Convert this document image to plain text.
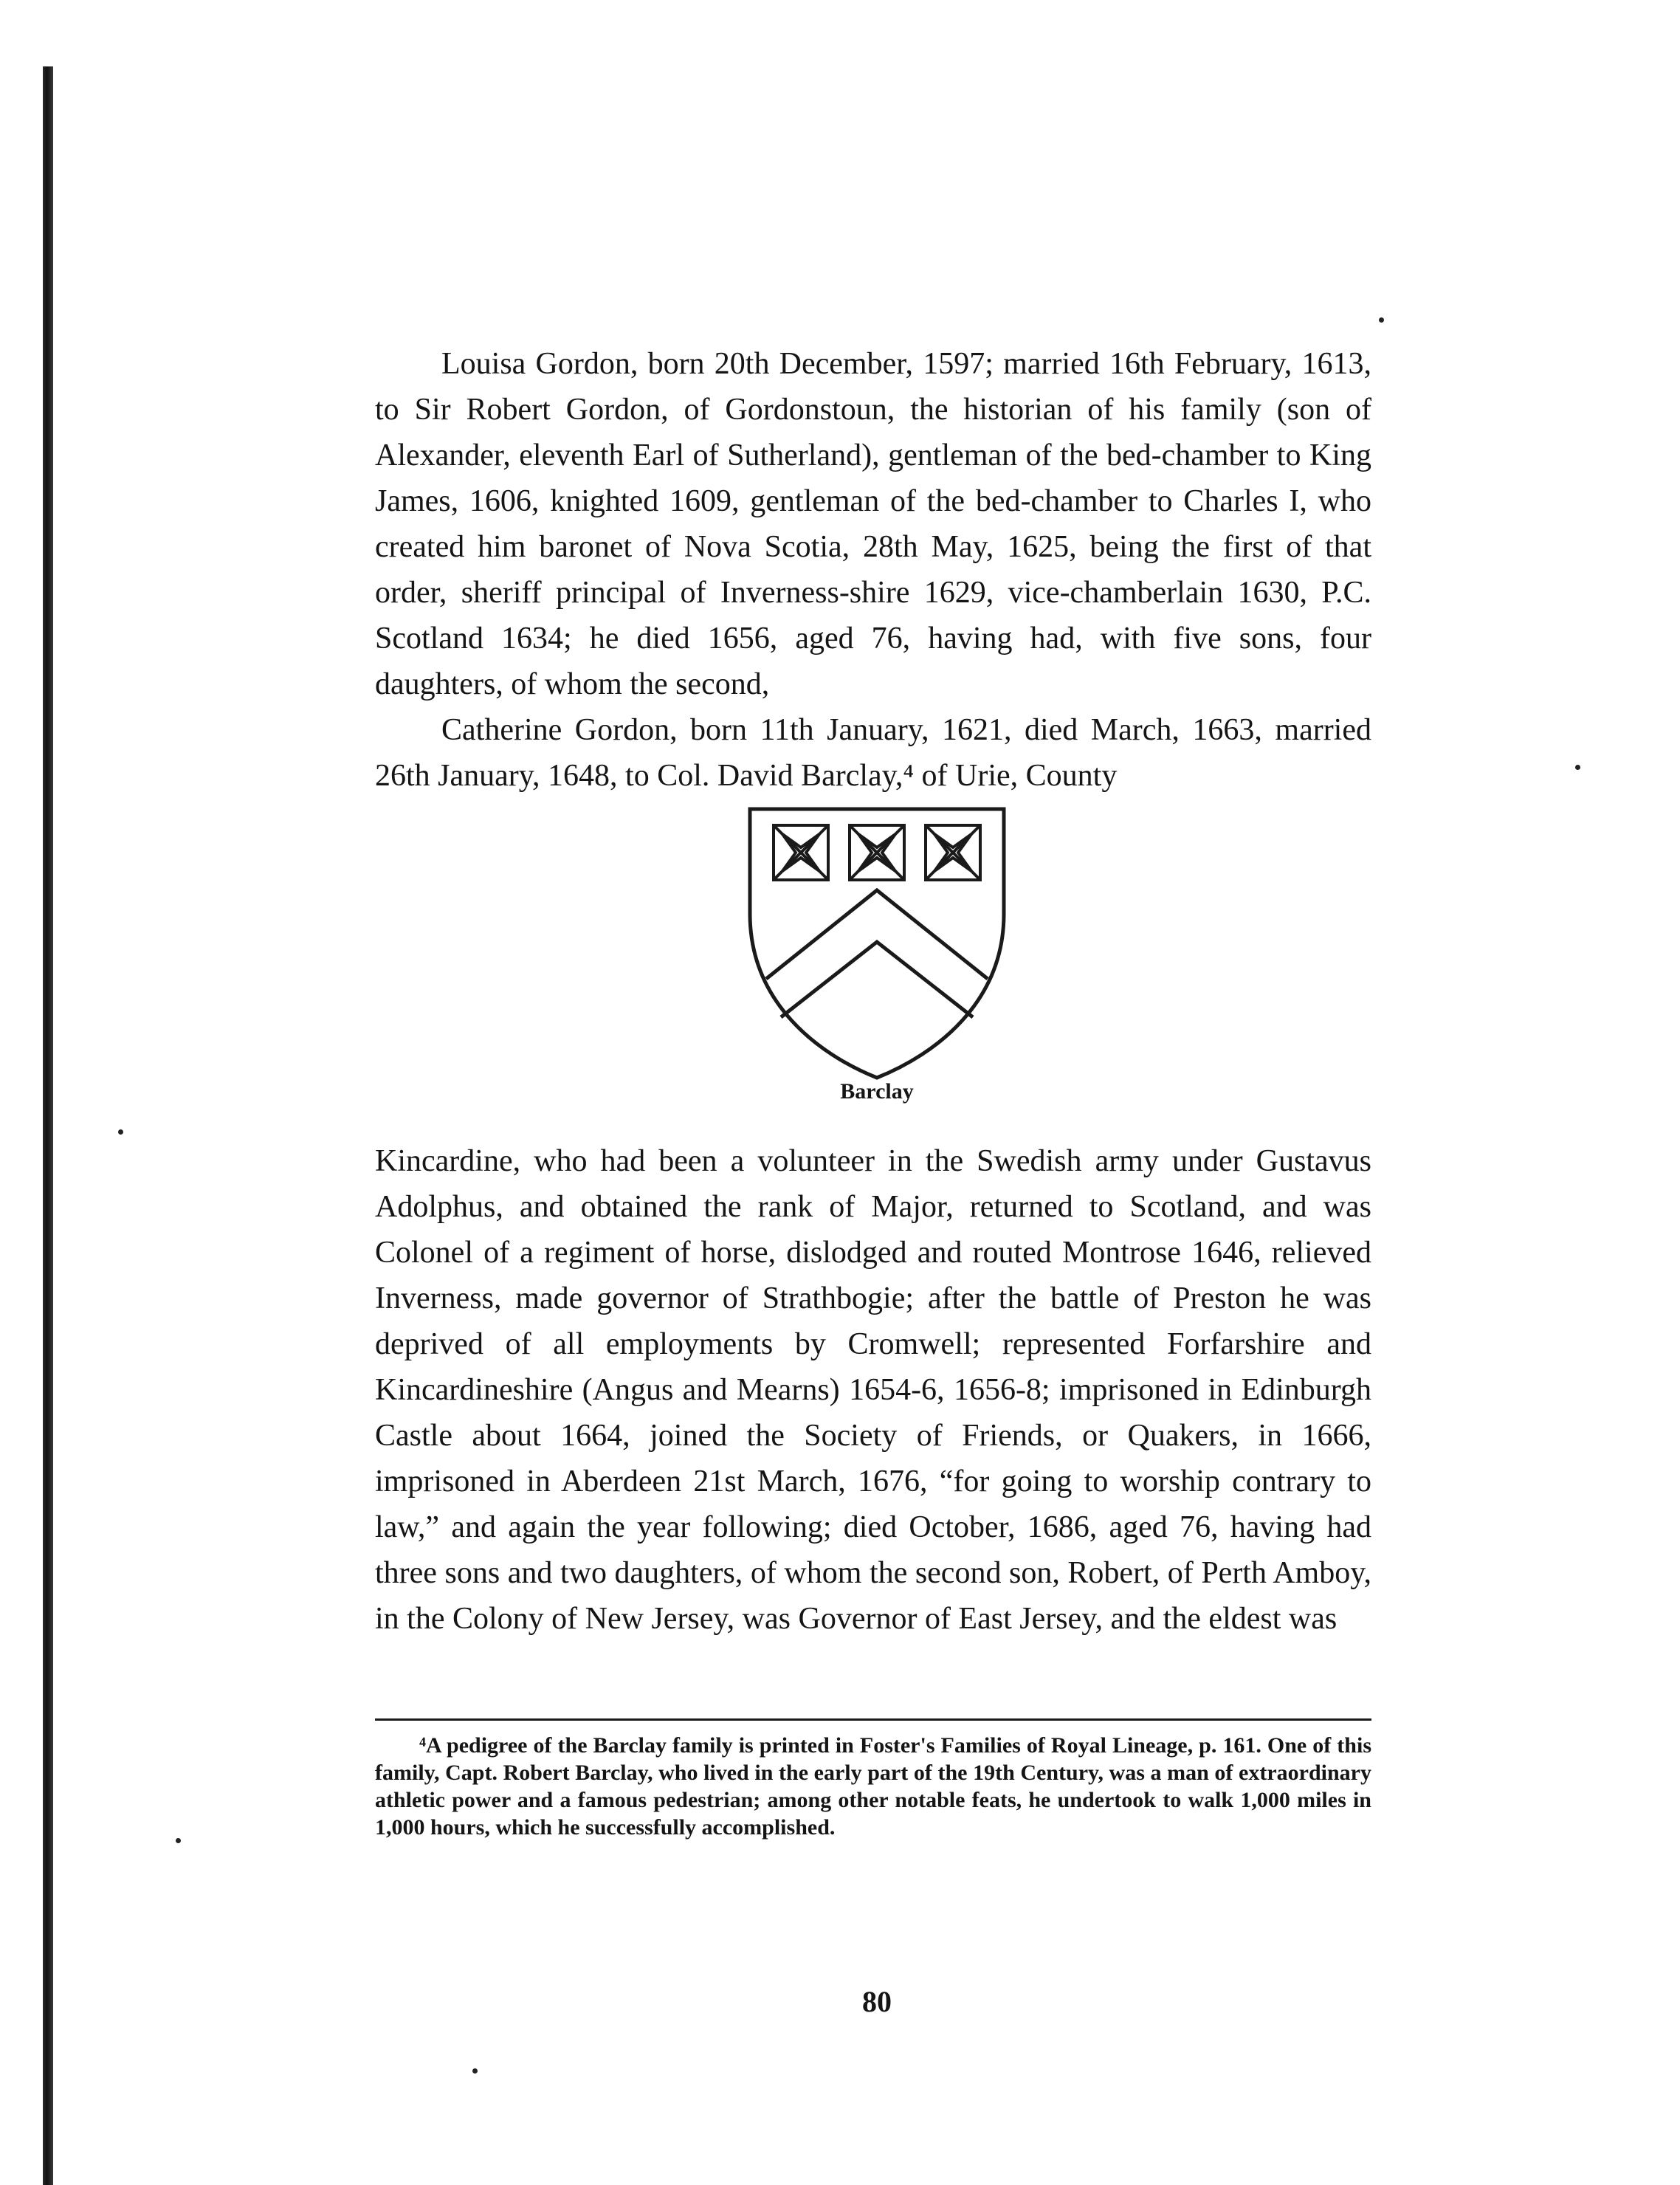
Louisa Gordon, born 20th December, 1597; married 16th February, 1613, to Sir Robert Gordon, of Gordonstoun, the historian of his family (son of Alexander, eleventh Earl of Sutherland), gentleman of the bed-chamber to King James, 1606, knighted 1609, gentleman of the bed-chamber to Charles I, who created him baronet of Nova Scotia, 28th May, 1625, being the first of that order, sheriff principal of Inverness-shire 1629, vice-chamberlain 1630, P.C. Scotland 1634; he died 1656, aged 76, having had, with five sons, four daughters, of whom the second,

Catherine Gordon, born 11th January, 1621, died March, 1663, married 26th January, 1648, to Col. David Barclay,⁴ of Urie, County

Barclay

Kincardine, who had been a volunteer in the Swedish army under Gustavus Adolphus, and obtained the rank of Major, returned to Scotland, and was Colonel of a regiment of horse, dislodged and routed Montrose 1646, relieved Inverness, made governor of Strathbogie; after the battle of Preston he was deprived of all employments by Cromwell; represented Forfarshire and Kincardineshire (Angus and Mearns) 1654-6, 1656-8; imprisoned in Edinburgh Castle about 1664, joined the Society of Friends, or Quakers, in 1666, imprisoned in Aberdeen 21st March, 1676, “for going to worship contrary to law,” and again the year following; died October, 1686, aged 76, having had three sons and two daughters, of whom the second son, Robert, of Perth Amboy, in the Colony of New Jersey, was Governor of East Jersey, and the eldest was

⁴A pedigree of the Barclay family is printed in Foster's Families of Royal Lineage, p. 161. One of this family, Capt. Robert Barclay, who lived in the early part of the 19th Century, was a man of extraordinary athletic power and a famous pedestrian; among other notable feats, he undertook to walk 1,000 miles in 1,000 hours, which he successfully accomplished.

80
